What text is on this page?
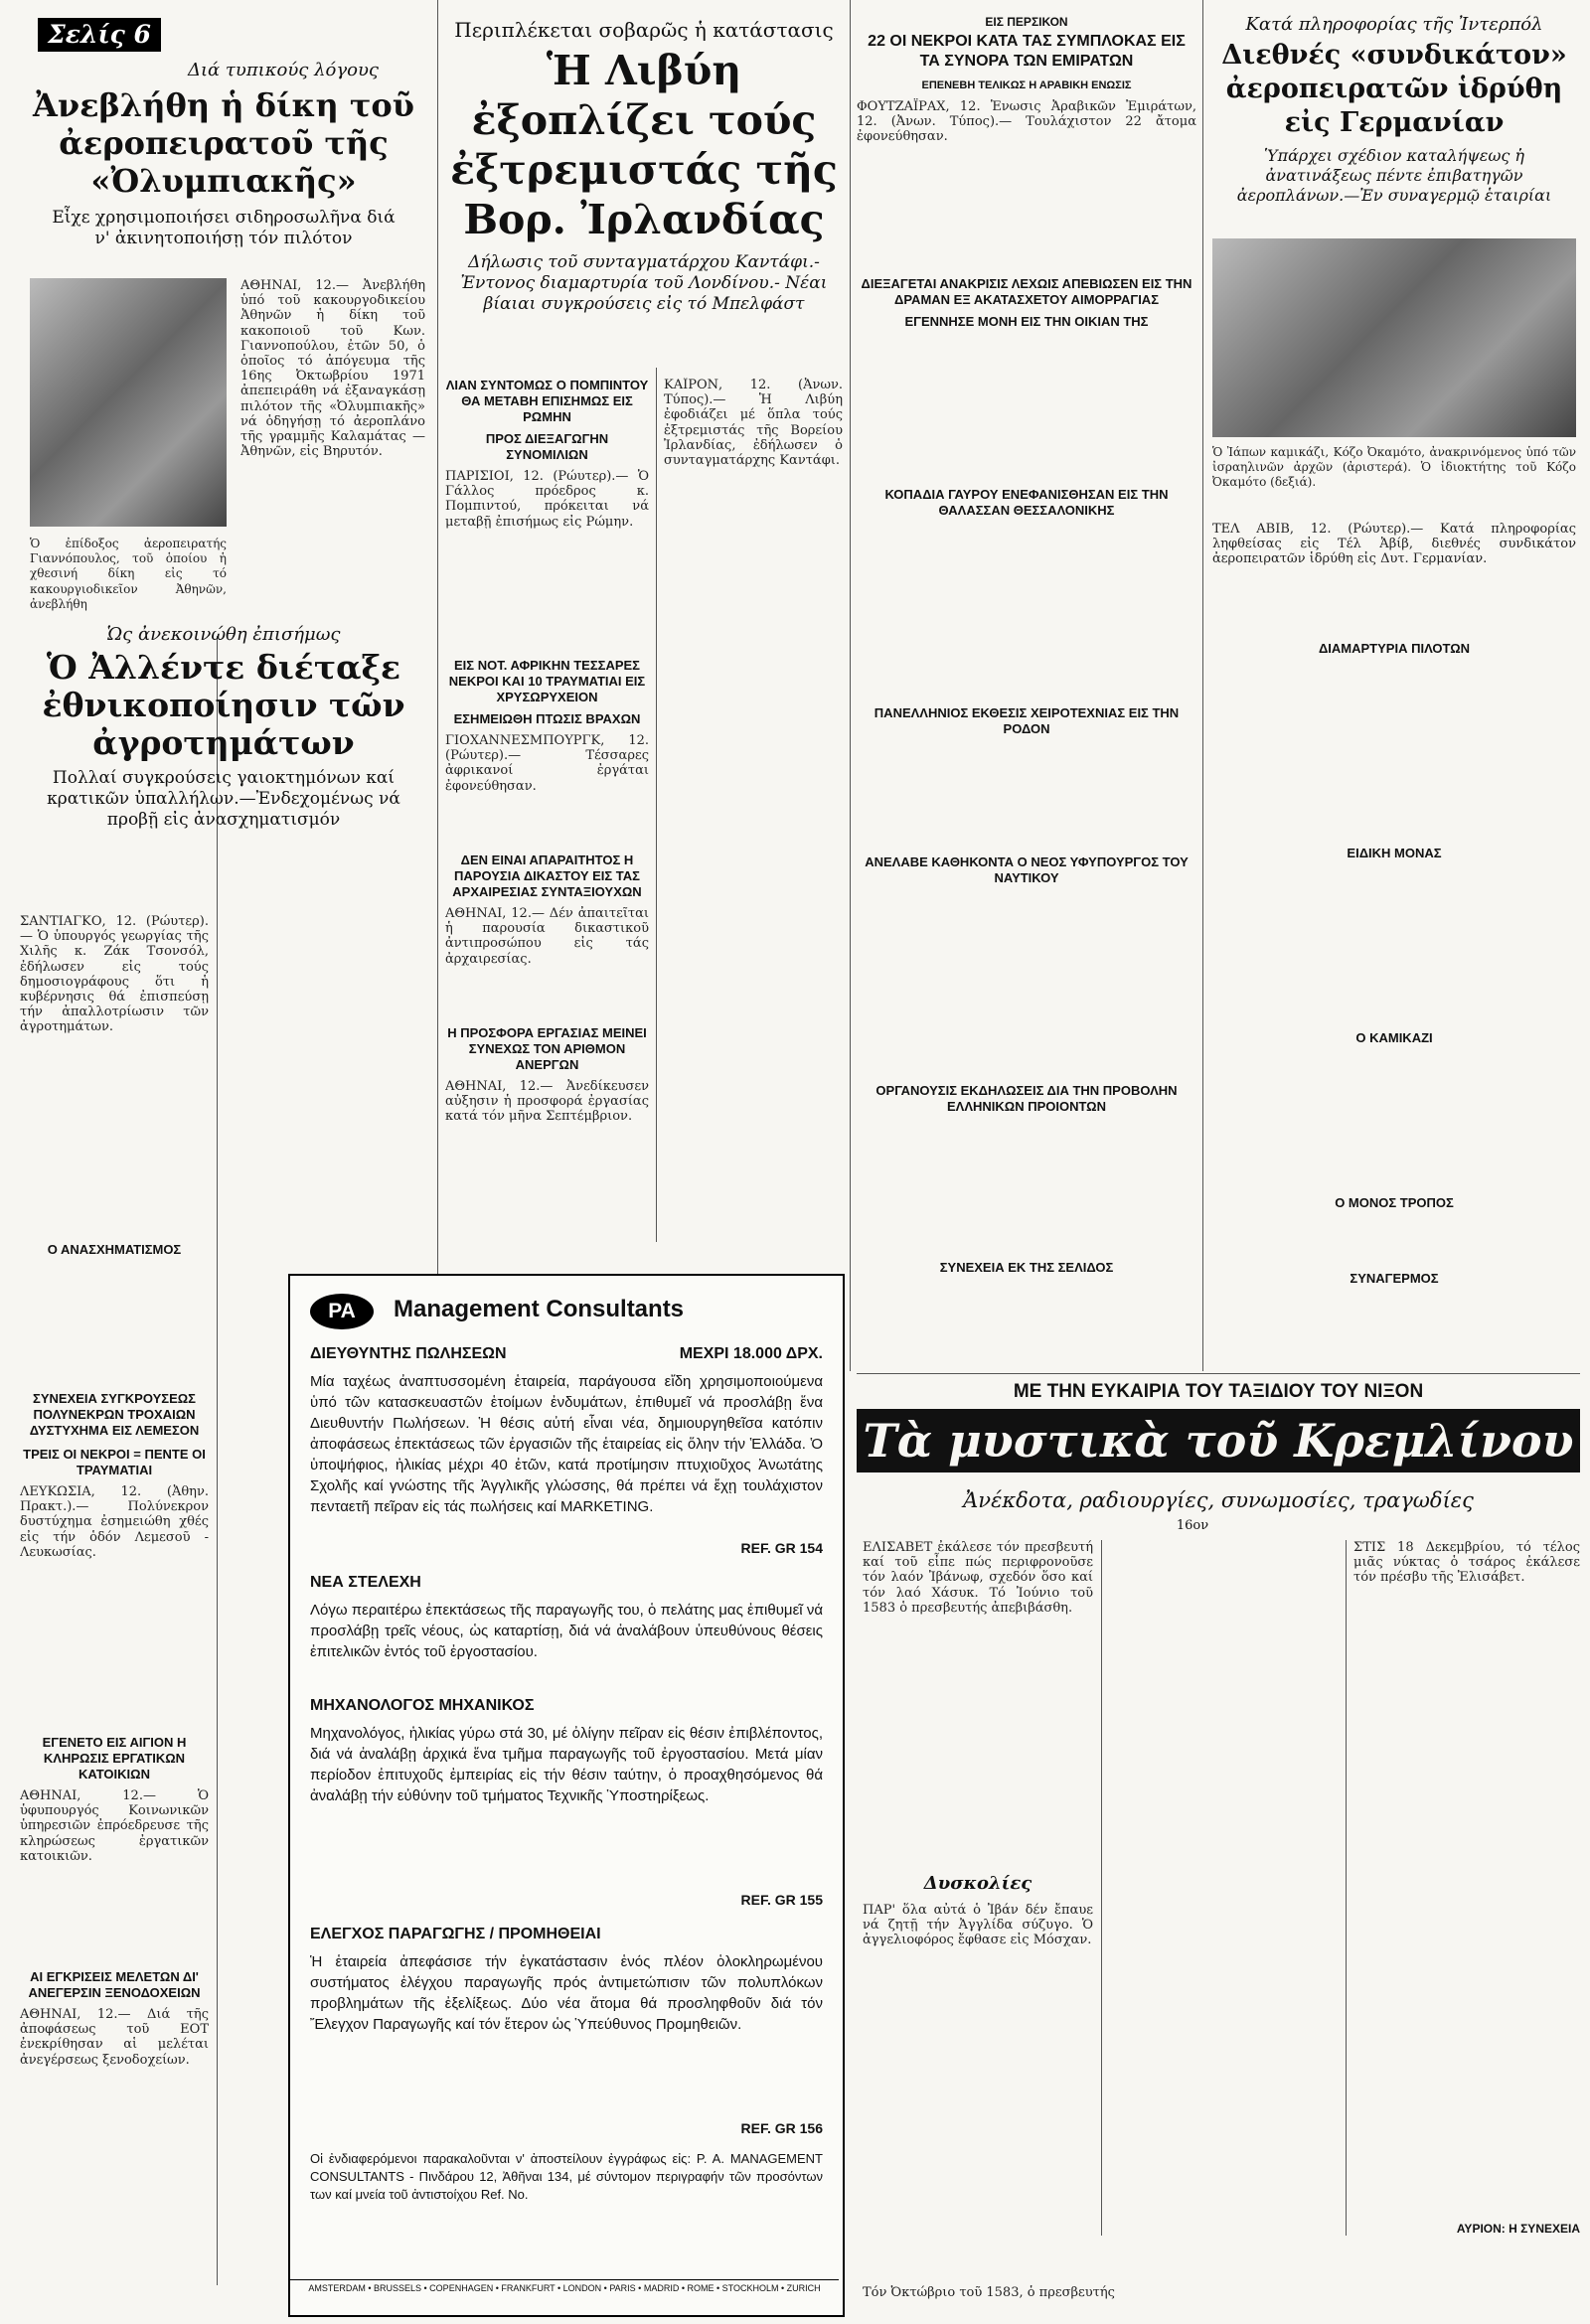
Σελίς 6
Διά τυπικούς λόγους
Ἀνεβλήθη ἡ δίκη τοῦ ἀεροπειρατοῦ τῆς «Ὀλυμπιακῆς»
Εἶχε χρησιμοποιήσει σιδηροσωλῆνα διά ν' ἀκινητοποιήσῃ τόν πιλότον
Ὁ ἐπίδοξος ἀεροπειρατής Γιαννόπουλος, τοῦ ὁποίου ἡ χθεσινή δίκη εἰς τό κακουργιοδικεῖον Ἀθηνῶν, ἀνεβλήθη
ΑΘΗΝΑΙ, 12.— Ἀνεβλήθη ὑπό τοῦ κακουργοδικείου Ἀθηνῶν ἡ δίκη τοῦ κακοποιοῦ τοῦ Κων. Γιαννοπούλου, ἐτῶν 50, ὁ ὁποῖος τό ἀπόγευμα τῆς 16ης Ὀκτωβρίου 1971 ἀπεπειράθη νά ἐξαναγκάσῃ πιλότον τῆς «Ὀλυμπιακῆς» νά ὁδηγήσῃ τό ἀεροπλάνο τῆς γραμμῆς Καλαμάτας — Ἀθηνῶν, εἰς Βηρυτόν.
Ὡς ἀνεκοινώθη ἐπισήμως
Ὁ Ἀλλέντε διέταξε ἐθνικοποίησιν τῶν ἀγροτημάτων
Πολλαί συγκρούσεις γαιοκτημόνων καί κρατικῶν ὑπαλλήλων.—Ἐνδεχομένως νά προβῇ εἰς ἀνασχηματισμόν
ΣΑΝΤΙΑΓΚΟ, 12. (Ρώυτερ).— Ὁ ὑπουργός γεωργίας τῆς Χιλῆς κ. Ζάκ Τσονσόλ, ἐδήλωσεν εἰς τούς δημοσιογράφους ὅτι ἡ κυβέρνησις θά ἐπισπεύσῃ τήν ἀπαλλοτρίωσιν τῶν ἀγροτημάτων.
Ο ΑΝΑΣΧΗΜΑΤΙΣΜΟΣ
ΣΥΝΕΧΕΙΑ ΣΥΓΚΡΟΥΣΕΩΣ ΠΟΛΥΝΕΚΡΩΝ ΤΡΟΧΑΙΩΝ ΔΥΣΤΥΧΗΜΑ ΕΙΣ ΛΕΜΕΣΟΝ
ΤΡΕΙΣ ΟΙ ΝΕΚΡΟΙ = ΠΕΝΤΕ ΟΙ ΤΡΑΥΜΑΤΙΑΙ
ΛΕΥΚΩΣΙΑ, 12. (Ἀθην. Πρακτ.).— Πολύνεκρον δυστύχημα ἐσημειώθη χθές εἰς τήν ὁδόν Λεμεσοῦ - Λευκωσίας.
ΕΓΕΝΕΤΟ ΕΙΣ ΑΙΓΙΟΝ Η ΚΛΗΡΩΣΙΣ ΕΡΓΑΤΙΚΩΝ ΚΑΤΟΙΚΙΩΝ
ΑΘΗΝΑΙ, 12.— Ὁ ὑφυπουργός Κοινωνικῶν ὑπηρεσιῶν ἐπρόεδρευσε τῆς κληρώσεως ἐργατικῶν κατοικιῶν.
ΑΙ ΕΓΚΡΙΣΕΙΣ ΜΕΛΕΤΩΝ ΔΙ' ΑΝΕΓΕΡΣΙΝ ΞΕΝΟΔΟΧΕΙΩΝ
ΑΘΗΝΑΙ, 12.— Διά τῆς ἀποφάσεως τοῦ ΕΟΤ ἐνεκρίθησαν αἱ μελέται ἀνεγέρσεως ξενοδοχείων.
Περιπλέκεται σοβαρῶς ἡ κατάστασις
Ἡ Λιβύη ἐξοπλίζει τούς ἐξτρεμιστάς τῆς Βορ. Ἰρλανδίας
Δήλωσις τοῦ συνταγματάρχου Καντάφι.- Ἐντονος διαμαρτυρία τοῦ Λονδίνου.- Νέαι βίαιαι συγκρούσεις εἰς τό Μπελφάστ
ΚΑΪΡΟΝ, 12. (Ἀνων. Τύπος).— Ἡ Λιβύη ἐφοδιάζει μέ ὅπλα τούς ἐξτρεμιστάς τῆς Βορείου Ἰρλανδίας, ἐδήλωσεν ὁ συνταγματάρχης Καντάφι.
ΛΙΑΝ ΣΥΝΤΟΜΩΣ Ο ΠΟΜΠΙΝΤΟΥ ΘΑ ΜΕΤΑΒΗ ΕΠΙΣΗΜΩΣ ΕΙΣ ΡΩΜΗΝ
ΠΡΟΣ ΔΙΕΞΑΓΩΓΗΝ ΣΥΝΟΜΙΛΙΩΝ
ΠΑΡΙΣΙΟΙ, 12. (Ρώυτερ).— Ὁ Γάλλος πρόεδρος κ. Πομπιντού, πρόκειται νά μεταβῇ ἐπισήμως εἰς Ρώμην.
ΕΙΣ ΝΟΤ. ΑΦΡΙΚΗΝ ΤΕΣΣΑΡΕΣ ΝΕΚΡΟΙ ΚΑΙ 10 ΤΡΑΥΜΑΤΙΑΙ ΕΙΣ ΧΡΥΣΩΡΥΧΕΙΟΝ
ΕΣΗΜΕΙΩΘΗ ΠΤΩΣΙΣ ΒΡΑΧΩΝ
ΓΙΟΧΑΝΝΕΣΜΠΟΥΡΓΚ, 12. (Ρώυτερ).— Τέσσαρες ἀφρικανοί ἐργάται ἐφονεύθησαν.
ΔΕΝ ΕΙΝΑΙ ΑΠΑΡΑΙΤΗΤΟΣ Η ΠΑΡΟΥΣΙΑ ΔΙΚΑΣΤΟΥ ΕΙΣ ΤΑΣ ΑΡΧΑΙΡΕΣΙΑΣ ΣΥΝΤΑΞΙΟΥΧΩΝ
ΑΘΗΝΑΙ, 12.— Δέν ἀπαιτεῖται ἡ παρουσία δικαστικοῦ ἀντιπροσώπου εἰς τάς ἀρχαιρεσίας.
Η ΠΡΟΣΦΟΡΑ ΕΡΓΑΣΙΑΣ ΜΕΙΝΕΙ ΣΥΝΕΧΩΣ ΤΟΝ ΑΡΙΘΜΟΝ ΑΝΕΡΓΩΝ
ΑΘΗΝΑΙ, 12.— Ἀνεδίκευσεν αὐξησιν ἡ προσφορά ἐργασίας κατά τόν μῆνα Σεπτέμβριον.
ΕΙΣ ΠΕΡΣΙΚΟΝ
22 ΟΙ ΝΕΚΡΟΙ ΚΑΤΑ ΤΑΣ ΣΥΜΠΛΟΚΑΣ ΕΙΣ ΤΑ ΣΥΝΟΡΑ ΤΩΝ ΕΜΙΡΑΤΩΝ
ΕΠΕΝΕΒΗ ΤΕΛΙΚΩΣ Η ΑΡΑΒΙΚΗ ΕΝΩΣΙΣ
ΦΟΥΤΖΑΪΡΑΧ, 12. Ἑνωσις Ἀραβικῶν Ἐμιράτων, 12. (Ἀνων. Τύπος).— Τουλάχιστον 22 ἄτομα ἐφονεύθησαν.
ΔΙΕΞΑΓΕΤΑΙ ΑΝΑΚΡΙΣΙΣ ΛΕΧΩΙΣ ΑΠΕΒΙΩΣΕΝ ΕΙΣ ΤΗΝ ΔΡΑΜΑΝ ΕΞ ΑΚΑΤΑΣΧΕΤΟΥ ΑΙΜΟΡΡΑΓΙΑΣ
ΕΓΕΝΝΗΣΕ ΜΟΝΗ ΕΙΣ ΤΗΝ ΟΙΚΙΑΝ ΤΗΣ
ΚΟΠΑΔΙΑ ΓΑΥΡΟΥ ΕΝΕΦΑΝΙΣΘΗΣΑΝ ΕΙΣ ΤΗΝ ΘΑΛΑΣΣΑΝ ΘΕΣΣΑΛΟΝΙΚΗΣ
ΠΑΝΕΛΛΗΝΙΟΣ ΕΚΘΕΣΙΣ ΧΕΙΡΟΤΕΧΝΙΑΣ ΕΙΣ ΤΗΝ ΡΟΔΟΝ
ΑΝΕΛΑΒΕ ΚΑΘΗΚΟΝΤΑ Ο ΝΕΟΣ ΥΦΥΠΟΥΡΓΟΣ ΤΟΥ ΝΑΥΤΙΚΟΥ
ΟΡΓΑΝΟΥΣΙΣ ΕΚΔΗΛΩΣΕΙΣ ΔΙΑ ΤΗΝ ΠΡΟΒΟΛΗΝ ΕΛΛΗΝΙΚΩΝ ΠΡΟΙΟΝΤΩΝ
ΣΥΝΕΧΕΙΑ ΕΚ ΤΗΣ ΣΕΛΙΔΟΣ
Κατά πληροφορίας τῆς Ἰντερπόλ
Διεθνές «συνδικάτον» ἀεροπειρατῶν ἱδρύθη εἰς Γερμανίαν
Ὑπάρχει σχέδιον καταλήψεως ἡ ἀνατινάξεως πέντε ἐπιβατηγῶν ἀεροπλάνων.—Ἐν συναγερμῷ ἑταιρίαι
Ὁ Ἰάπων καμικάζι, Κόζο Ὀκαμότο, ἀνακρινόμενος ὑπό τῶν ἰσραηλινῶν ἀρχῶν (ἀριστερά). Ὁ ἰδιοκτήτης τοῦ Κόζο Ὀκαμότο (δεξιά).
ΤΕΛ ΑΒΙΒ, 12. (Ρώυτερ).— Κατά πληροφορίας ληφθείσας εἰς Τέλ Ἀβίβ, διεθνές συνδικάτον ἀεροπειρατῶν ἱδρύθη εἰς Δυτ. Γερμανίαν.
ΔΙΑΜΑΡΤΥΡΙΑ ΠΙΛΟΤΩΝ
ΕΙΔΙΚΗ ΜΟΝΑΣ
Ο ΚΑΜΙΚΑΖΙ
Ο ΜΟΝΟΣ ΤΡΟΠΟΣ
ΣΥΝΑΓΕΡΜΟΣ
ΜΕ ΤΗΝ ΕΥΚΑΙΡΙΑ ΤΟΥ ΤΑΞΙΔΙΟΥ ΤΟΥ ΝΙΞΟΝ
Τὰ μυστικὰ τοῦ Κρεμλίνου
Ἀνέκδοτα, ραδιουργίες, συνωμοσίες, τραγωδίες
16ον
ΕΛΙΣΑΒΕΤ ἐκάλεσε τόν πρεσβευτή καί τοῦ εἶπε πώς περιφρονοῦσε τόν λαόν Ἰβάνωφ, σχεδόν ὅσο καί τόν λαό Χάσυκ. Τό Ἰούνιο τοῦ 1583 ὁ πρεσβευτής ἀπεβιβάσθη.
Δυσκολίες
ΠΑΡ' ὅλα αὐτά ὁ Ἰβάν δέν ἔπαυε νά ζητῇ τήν Ἀγγλίδα σύζυγο. Ὁ ἀγγελιοφόρος ἔφθασε εἰς Μόσχαν.
ΣΤΙΣ 18 Δεκεμβρίου, τό τέλος μιᾶς νύκτας ὁ τσάρος ἐκάλεσε τόν πρέσβυ τῆς Ἐλισάβετ.
ΑΥΡΙΟΝ: Η ΣΥΝΕΧΕΙΑ
PA	Management Consultants
ΔΙΕΥΘΥΝΤΗΣ ΠΩΛΗΣΕΩΝ	ΜΕΧΡΙ 18.000 ΔΡΧ.
Μία ταχέως ἀναπτυσσομένη ἑταιρεία, παράγουσα εἴδη χρησιμοποιούμενα ὑπό τῶν κατασκευαστῶν ἑτοίμων ἐνδυμάτων, ἐπιθυμεῖ νά προσλάβῃ ἕνα Διευθυντήν Πωλήσεων. Ἡ θέσις αὐτή εἶναι νέα, δημιουργηθεῖσα κατόπιν ἀποφάσεως ἐπεκτάσεως τῶν ἐργασιῶν τῆς ἑταιρείας εἰς ὅλην τήν Ἑλλάδα. Ὁ ὑποψήφιος, ἡλικίας μέχρι 40 ἐτῶν, κατά προτίμησιν πτυχιοῦχος Ἀνωτάτης Σχολῆς καί γνώστης τῆς Ἀγγλικῆς γλώσσης, θά πρέπει νά ἔχῃ τουλάχιστον πενταετῆ πεῖραν εἰς τάς πωλήσεις καί MARKETING.
REF. GR 154
ΝΕΑ ΣΤΕΛΕΧΗ
Λόγω περαιτέρω ἐπεκτάσεως τῆς παραγωγῆς του, ὁ πελάτης μας ἐπιθυμεῖ νά προσλάβῃ τρεῖς νέους, ὡς καταρτίσῃ, διά νά ἀναλάβουν ὑπευθύνους θέσεις ἐπιτελικῶν ἐντός τοῦ ἐργοστασίου.
ΜΗΧΑΝΟΛΟΓΟΣ ΜΗΧΑΝΙΚΟΣ
Μηχανολόγος, ἡλικίας γύρω στά 30, μέ ὀλίγην πεῖραν εἰς θέσιν ἐπιβλέποντος, διά νά ἀναλάβῃ ἀρχικά ἕνα τμῆμα παραγωγῆς τοῦ ἐργοστασίου. Μετά μίαν περίοδον ἐπιτυχοῦς ἐμπειρίας εἰς τήν θέσιν ταύτην, ὁ προαχθησόμενος θά ἀναλάβῃ τήν εὐθύνην τοῦ τμήματος Τεχνικῆς Ὑποστηρίξεως.
REF. GR 155
ΕΛΕΓΧΟΣ ΠΑΡΑΓΩΓΗΣ / ΠΡΟΜΗΘΕΙΑΙ
Ἡ ἑταιρεία ἀπεφάσισε τήν ἐγκατάστασιν ἑνός πλέον ὁλοκληρωμένου συστήματος ἐλέγχου παραγωγῆς πρός ἀντιμετώπισιν τῶν πολυπλόκων προβλημάτων τῆς ἐξελίξεως. Δύο νέα ἄτομα θά προσληφθοῦν διά τόν Ἔλεγχον Παραγωγῆς καί τόν ἕτερον ὡς Ὑπεύθυνος Προμηθειῶν.
REF. GR 156
Οἱ ἐνδιαφερόμενοι παρακαλοῦνται ν' ἀποστείλουν ἐγγράφως εἰς: P. A. MANAGEMENT CONSULTANTS - Πινδάρου 12, Ἀθῆναι 134, μέ σύντομον περιγραφήν τῶν προσόντων των καί μνεία τοῦ ἀντιστοίχου Ref. No.
AMSTERDAM • BRUSSELS • COPENHAGEN • FRANKFURT • LONDON • PARIS • MADRID • ROME • STOCKHOLM • ZURICH	Τόν Ὀκτώβριο τοῦ 1583, ὁ πρεσβευτής
